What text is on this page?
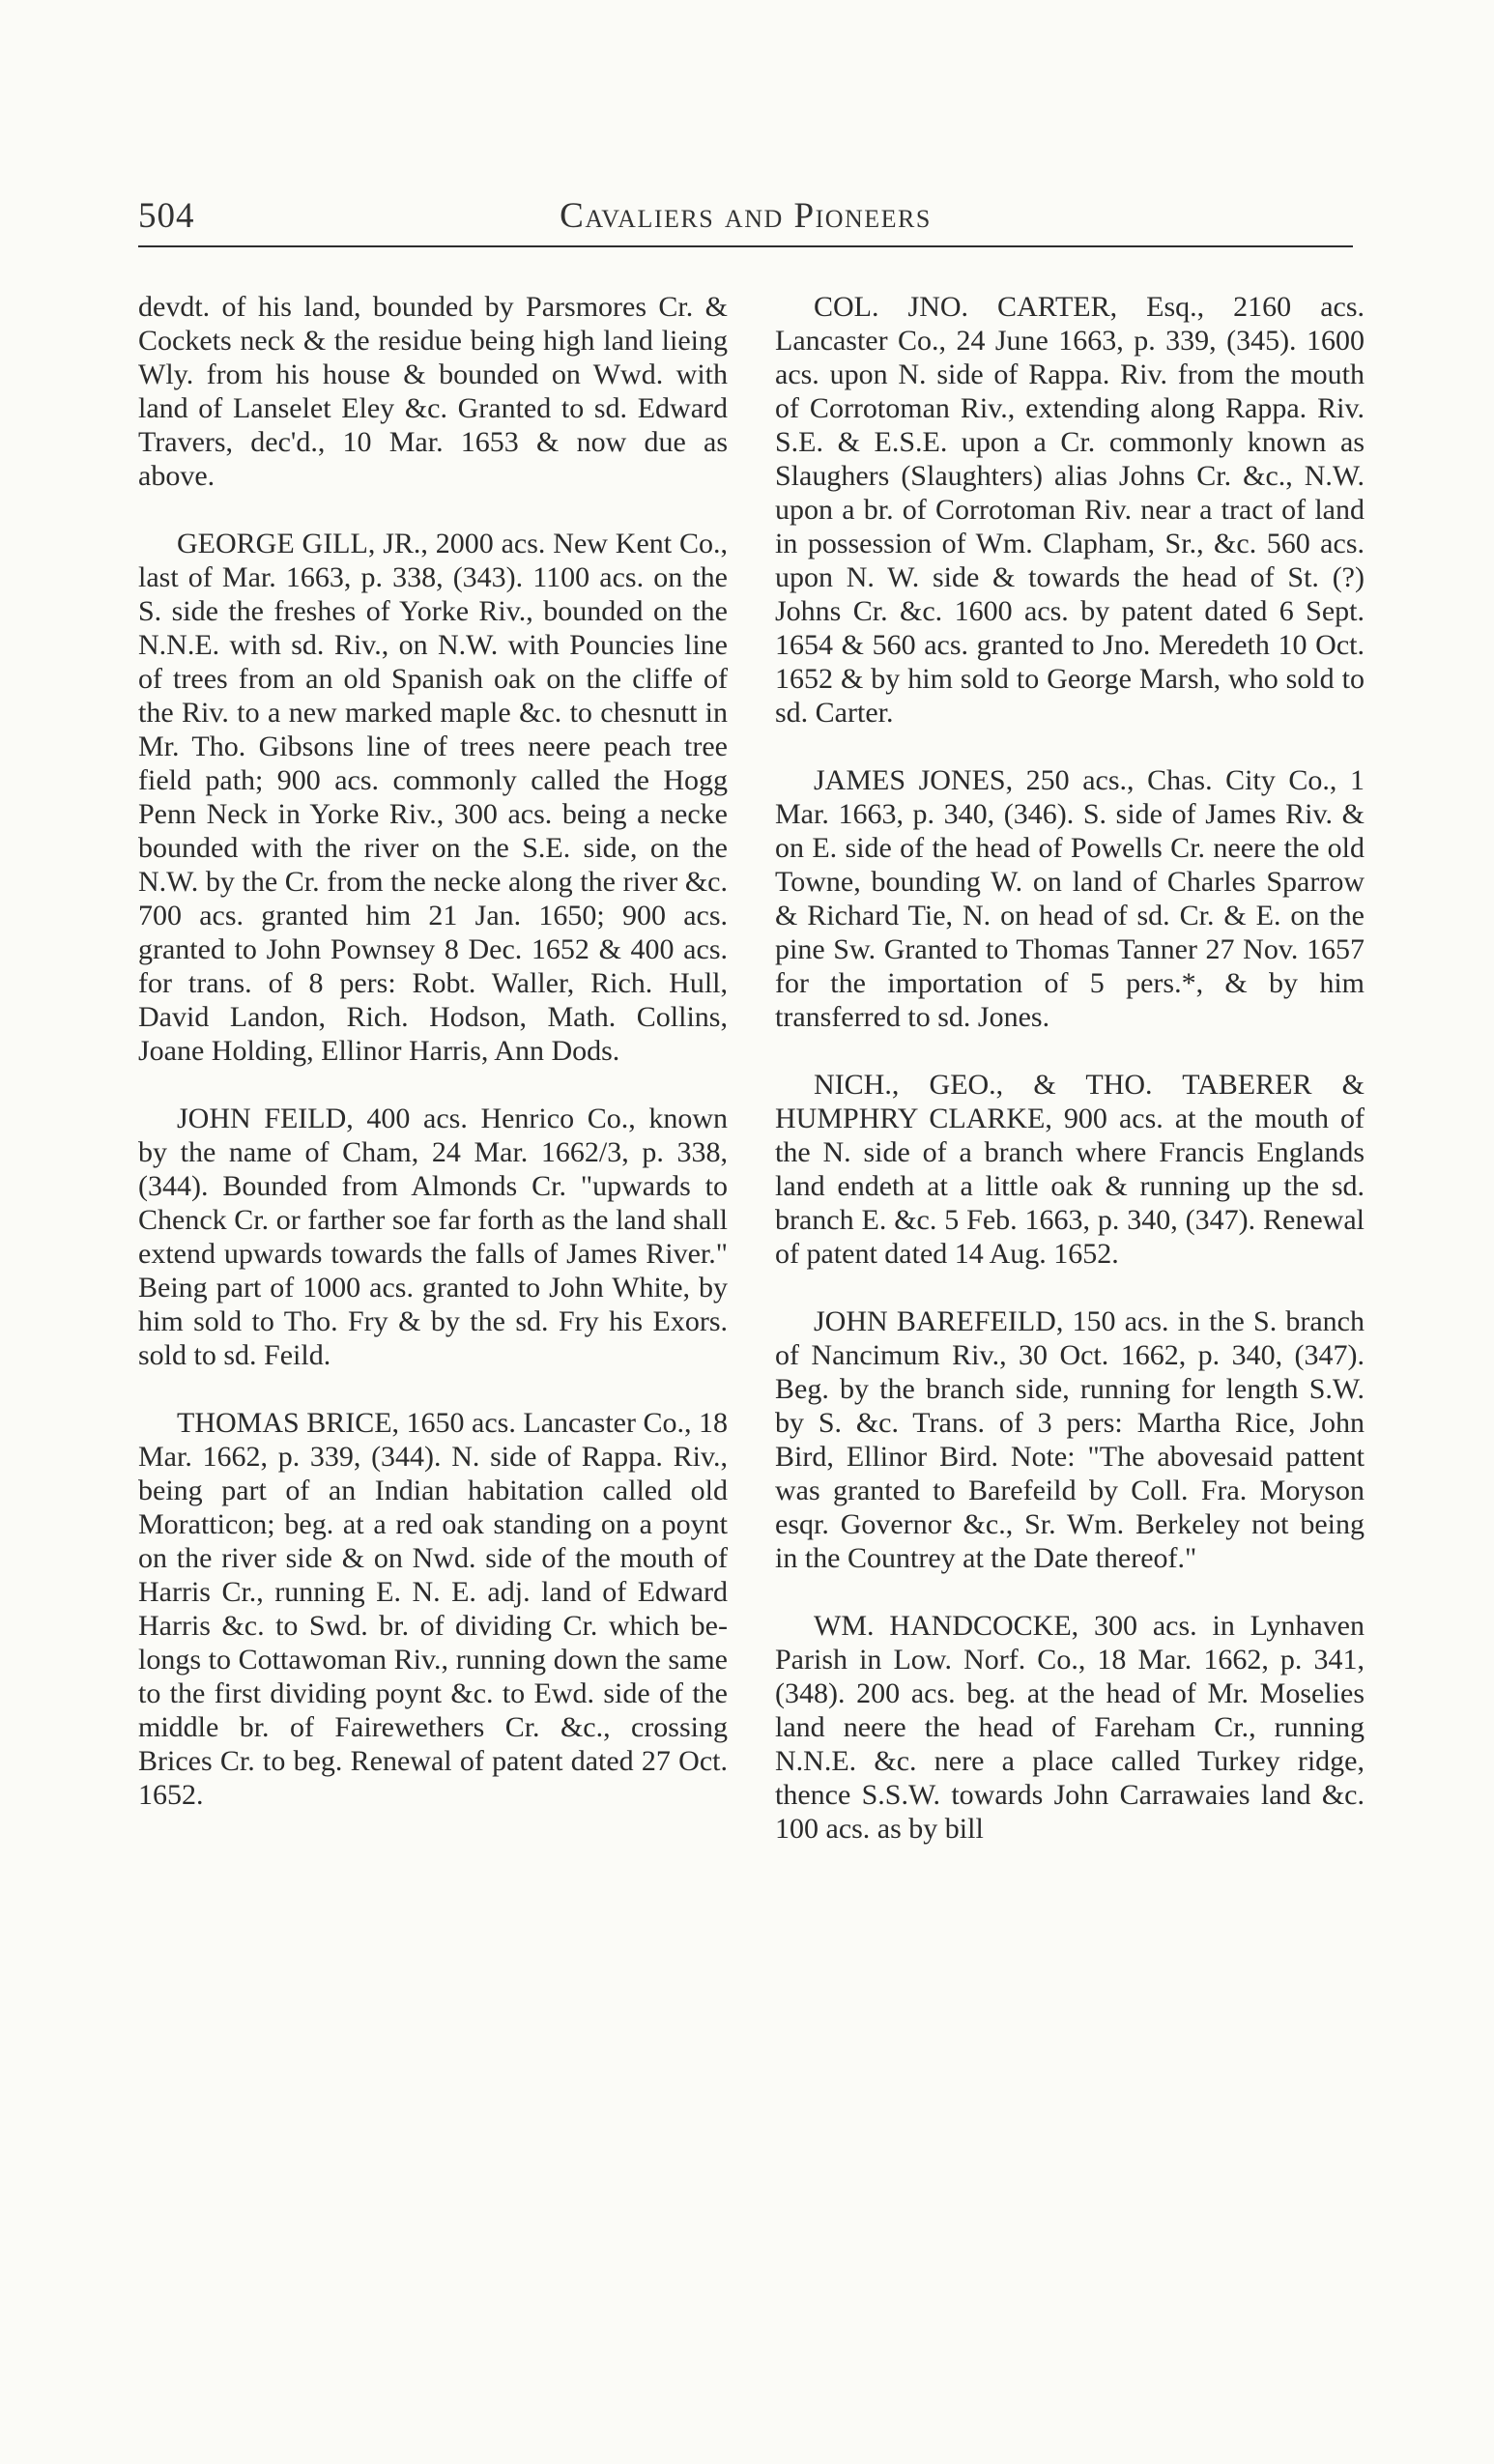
504	Cavaliers and Pioneers

devdt. of his land, bounded by Parsmores Cr. & Cockets neck & the residue being high land lieing Wly. from his house & bounded on Wwd. with land of Lanselet Eley &c. Granted to sd. Edward Travers, dec'd., 10 Mar. 1653 & now due as above.

GEORGE GILL, JR., 2000 acs. New Kent Co., last of Mar. 1663, p. 338, (343). 1100 acs. on the S. side the freshes of Yorke Riv., bounded on the N.N.E. with sd. Riv., on N.W. with Pouncies line of trees from an old Spanish oak on the cliffe of the Riv. to a new marked maple &c. to chesnutt in Mr. Tho. Gibsons line of trees neere peach tree field path; 900 acs. commonly called the Hogg Penn Neck in Yorke Riv., 300 acs. being a necke bounded with the river on the S.E. side, on the N.W. by the Cr. from the necke along the river &c. 700 acs. granted him 21 Jan. 1650; 900 acs. granted to John Pownsey 8 Dec. 1652 & 400 acs. for trans. of 8 pers: Robt. Waller, Rich. Hull, David Landon, Rich. Hodson, Math. Collins, Joane Holding, Ellinor Harris, Ann Dods.

JOHN FEILD, 400 acs. Henrico Co., known by the name of Cham, 24 Mar. 1662/3, p. 338, (344). Bounded from Almonds Cr. "upwards to Chenck Cr. or farther soe far forth as the land shall extend upwards towards the falls of James River." Being part of 1000 acs. granted to John White, by him sold to Tho. Fry & by the sd. Fry his Exors. sold to sd. Feild.

THOMAS BRICE, 1650 acs. Lancaster Co., 18 Mar. 1662, p. 339, (344). N. side of Rappa. Riv., being part of an Indian habitation called old Moratticon; beg. at a red oak standing on a poynt on the river side & on Nwd. side of the mouth of Harris Cr., running E. N. E. adj. land of Edward Harris &c. to Swd. br. of dividing Cr. which belongs to Cottawoman Riv., running down the same to the first dividing poynt &c. to Ewd. side of the middle br. of Fairewethers Cr. &c., crossing Brices Cr. to beg. Renewal of patent dated 27 Oct. 1652.

COL. JNO. CARTER, Esq., 2160 acs. Lancaster Co., 24 June 1663, p. 339, (345). 1600 acs. upon N. side of Rappa. Riv. from the mouth of Corrotoman Riv., extending along Rappa. Riv. S.E. & E.S.E. upon a Cr. commonly known as Slaughers (Slaughters) alias Johns Cr. &c., N.W. upon a br. of Corrotoman Riv. near a tract of land in possession of Wm. Clapham, Sr., &c. 560 acs. upon N. W. side & towards the head of St. (?) Johns Cr. &c. 1600 acs. by patent dated 6 Sept. 1654 & 560 acs. granted to Jno. Meredeth 10 Oct. 1652 & by him sold to George Marsh, who sold to sd. Carter.

JAMES JONES, 250 acs., Chas. City Co., 1 Mar. 1663, p. 340, (346). S. side of James Riv. & on E. side of the head of Powells Cr. neere the old Towne, bounding W. on land of Charles Sparrow & Richard Tie, N. on head of sd. Cr. & E. on the pine Sw. Granted to Thomas Tanner 27 Nov. 1657 for the importation of 5 pers.*, & by him transferred to sd. Jones.

NICH., GEO., & THO. TABERER & HUMPHRY CLARKE, 900 acs. at the mouth of the N. side of a branch where Francis Englands land endeth at a little oak & running up the sd. branch E. &c. 5 Feb. 1663, p. 340, (347). Renewal of patent dated 14 Aug. 1652.

JOHN BAREFEILD, 150 acs. in the S. branch of Nancimum Riv., 30 Oct. 1662, p. 340, (347). Beg. by the branch side, running for length S.W. by S. &c. Trans. of 3 pers: Martha Rice, John Bird, Ellinor Bird. Note: "The abovesaid pattent was granted to Barefeild by Coll. Fra. Moryson esqr. Governor &c., Sr. Wm. Berkeley not being in the Countrey at the Date thereof."

WM. HANDCOCKE, 300 acs. in Lynhaven Parish in Low. Norf. Co., 18 Mar. 1662, p. 341, (348). 200 acs. beg. at the head of Mr. Moselies land neere the head of Fareham Cr., running N.N.E. &c. nere a place called Turkey ridge, thence S.S.W. towards John Carrawaies land &c. 100 acs. as by bill
